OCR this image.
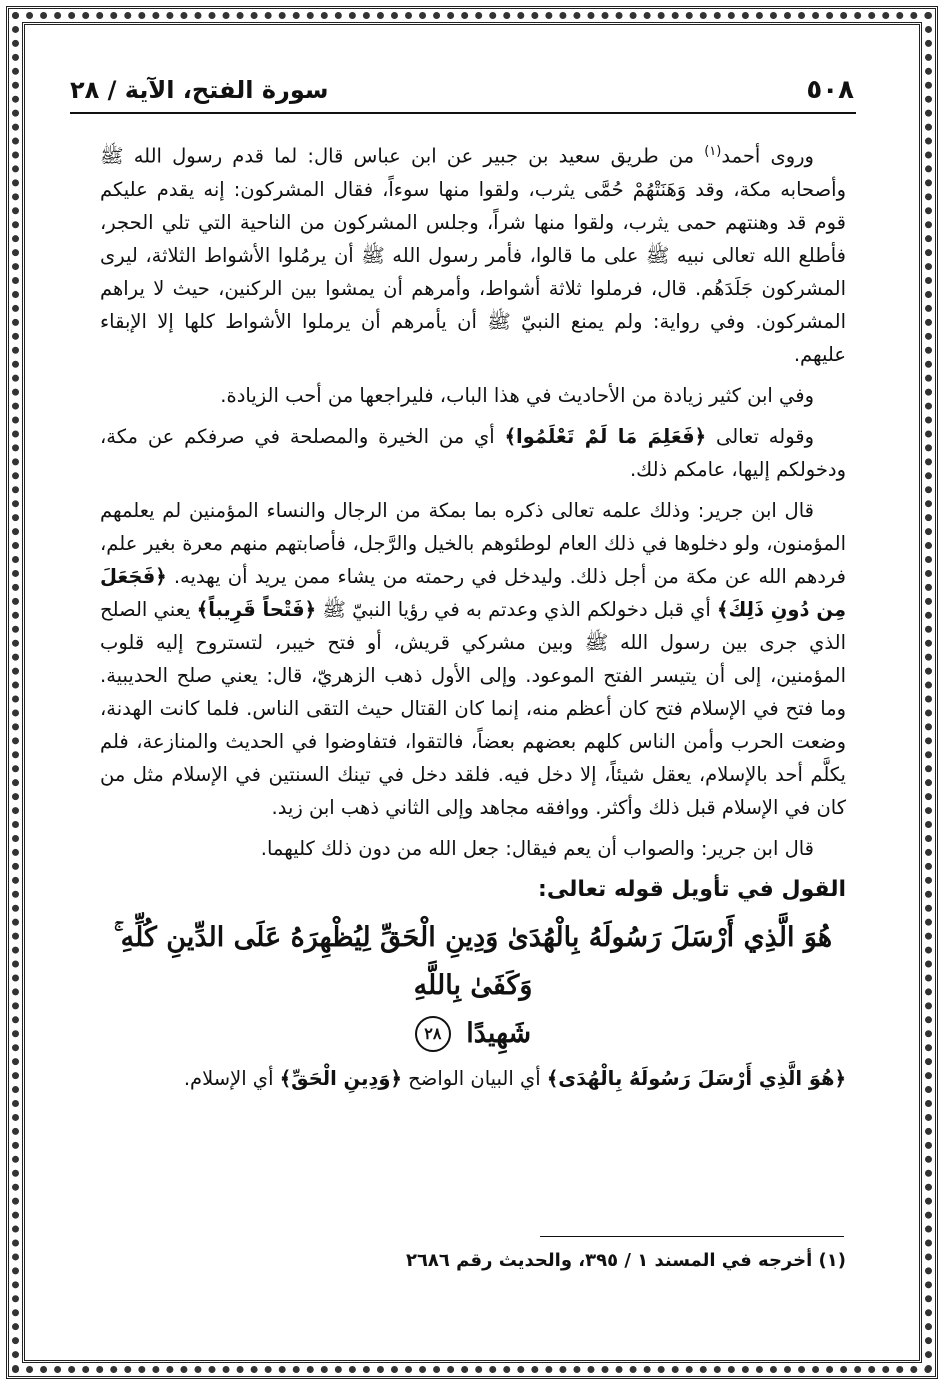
٥٠٨
سورة الفتح، الآية / ٢٨

وروى أحمد$^{(١)}$ من طريق سعيد بن جبير عن ابن عباس قال: لما قدم رسول الله ﷺ وأصحابه مكة، وقد وَهَنَتْهُمْ حُمَّى يثرب، ولقوا منها سوءاً، فقال المشركون: إنه يقدم عليكم قوم قد وهنتهم حمى يثرب، ولقوا منها شراً، وجلس المشركون من الناحية التي تلي الحجر، فأطلع الله تعالى نبيه ﷺ على ما قالوا، فأمر رسول الله ﷺ أن يرمُلوا الأشواط الثلاثة، ليرى المشركون جَلَدَهُم. قال، فرملوا ثلاثة أشواط، وأمرهم أن يمشوا بين الركنين، حيث لا يراهم المشركون. وفي رواية: ولم يمنع النبيّ ﷺ أن يأمرهم أن يرملوا الأشواط كلها إلا الإبقاء عليهم.

وفي ابن كثير زيادة من الأحاديث في هذا الباب، فليراجعها من أحب الزيادة.

وقوله تعالى ﴿فَعَلِمَ مَا لَمْ تَعْلَمُوا﴾ أي من الخيرة والمصلحة في صرفكم عن مكة، ودخولكم إليها، عامكم ذلك.

قال ابن جرير: وذلك علمه تعالى ذكره بما بمكة من الرجال والنساء المؤمنين لم يعلمهم المؤمنون، ولو دخلوها في ذلك العام لوطئوهم بالخيل والرَّجل، فأصابتهم منهم معرة بغير علم، فردهم الله عن مكة من أجل ذلك. وليدخل في رحمته من يشاء ممن يريد أن يهديه. ﴿فَجَعَلَ مِن دُونِ ذَلِكَ﴾ أي قبل دخولكم الذي وعدتم به في رؤيا النبيّ ﷺ ﴿فَتْحاً قَرِيباً﴾ يعني الصلح الذي جرى بين رسول الله ﷺ وبين مشركي قريش، أو فتح خيبر، لتستروح إليه قلوب المؤمنين، إلى أن يتيسر الفتح الموعود. وإلى الأول ذهب الزهريّ، قال: يعني صلح الحديبية. وما فتح في الإسلام فتح كان أعظم منه، إنما كان القتال حيث التقى الناس. فلما كانت الهدنة، وضعت الحرب وأمن الناس كلهم بعضهم بعضاً، فالتقوا، فتفاوضوا في الحديث والمنازعة، فلم يكلَّم أحد بالإسلام، يعقل شيئاً، إلا دخل فيه. فلقد دخل في تينك السنتين في الإسلام مثل من كان في الإسلام قبل ذلك وأكثر. ووافقه مجاهد وإلى الثاني ذهب ابن زيد.

قال ابن جرير: والصواب أن يعم فيقال: جعل الله من دون ذلك كليهما.

القول في تأويل قوله تعالى:

هُوَ الَّذِي أَرْسَلَ رَسُولَهُ بِالْهُدَىٰ وَدِينِ الْحَقِّ لِيُظْهِرَهُ عَلَى الدِّينِ كُلِّهِ ۚ وَكَفَىٰ بِاللَّهِ
شَهِيدًا ٢٨

﴿هُوَ الَّذِي أَرْسَلَ رَسُولَهُ بِالْهُدَى﴾ أي البيان الواضح ﴿وَدِينِ الْحَقِّ﴾ أي الإسلام.

(١) أخرجه في المسند ١ / ٣٩٥، والحديث رقم ٢٦٨٦
